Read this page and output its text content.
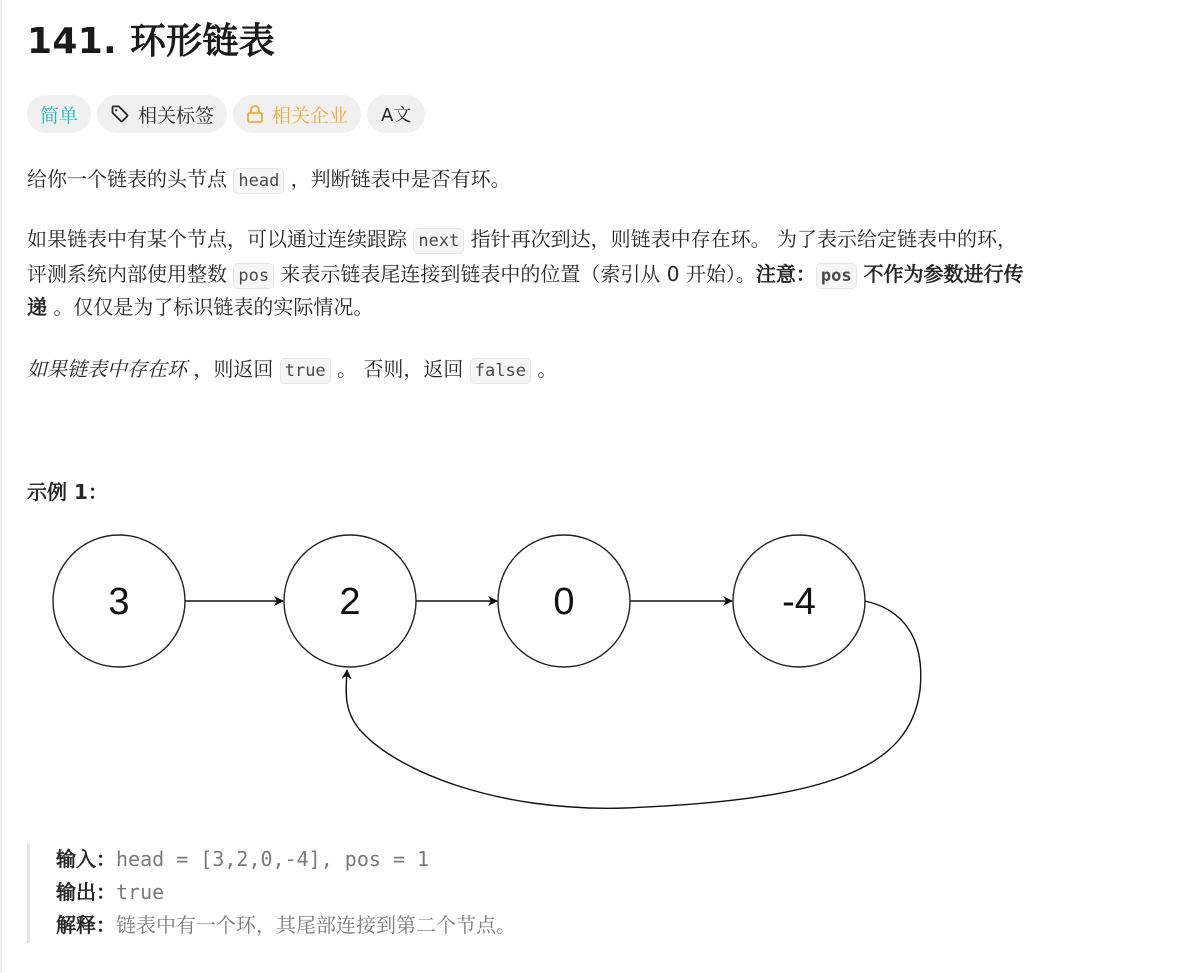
141. 环形链表
简单	相关标签	相关企业 A文
给你一个链表的头节点 head ，判断链表中是否有环。
如果链表中有某个节点，可以通过连续跟踪 next 指针再次到达，则链表中存在环。 为了表示给定链表中的环，
评测系统内部使用整数 pos 来表示链表尾连接到链表中的位置（索引从 0 开始）。注意： pos 不作为参数进行传
递 。仅仅是为了标识链表的实际情况。
如果链表中存在环 ，则返回 true 。 否则，返回 false 。
示例 1：
3	2	0	-4
输入：head = [3,2,0,-4], pos = 1
输出：true
解释：链表中有一个环，其尾部连接到第二个节点。
